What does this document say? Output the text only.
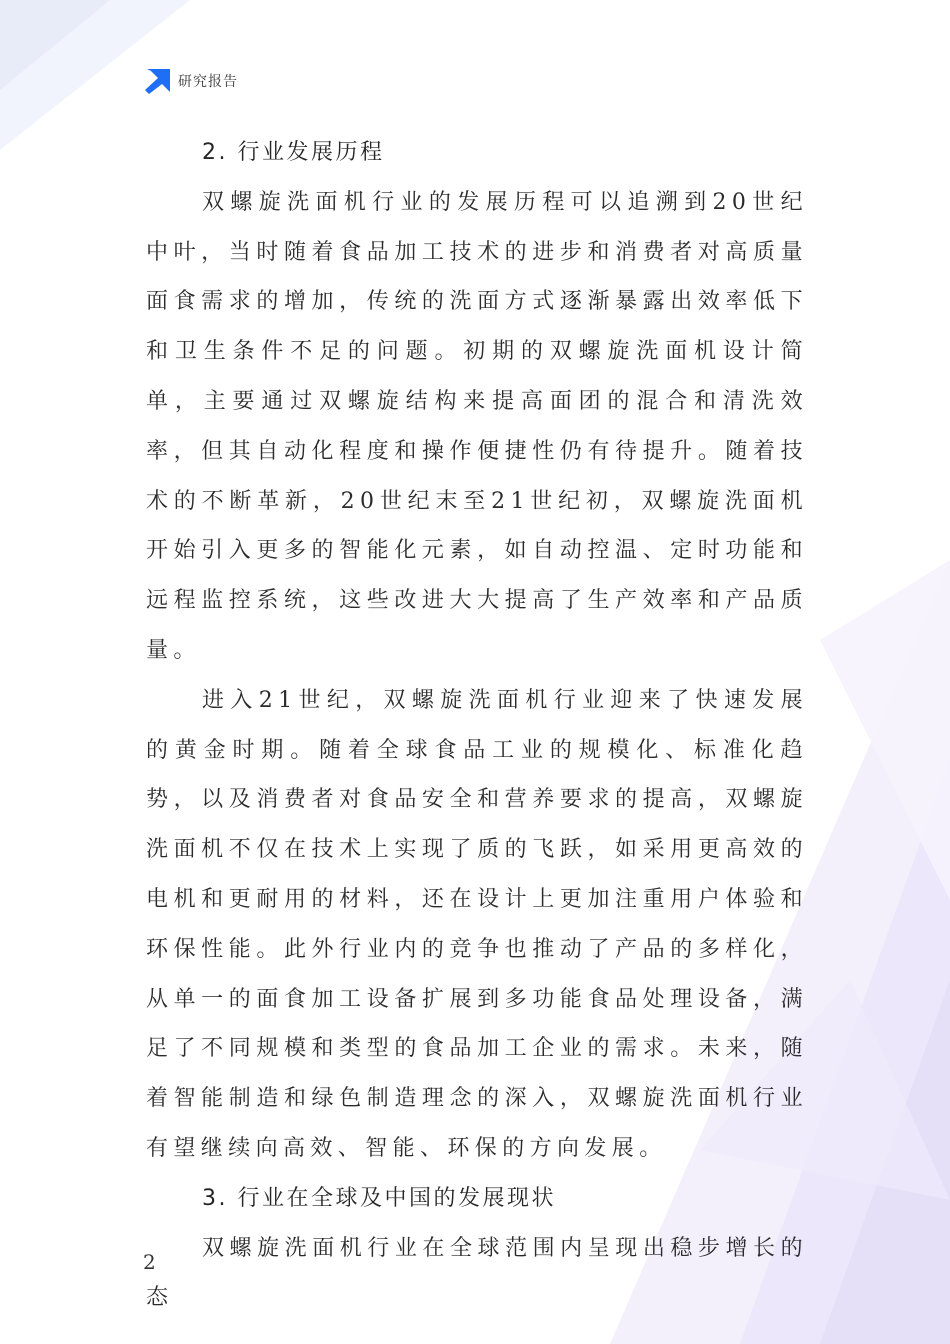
研究报告
2. 行业发展历程

双螺旋洗面机行业的发展历程可以追溯到20世纪中叶，当时随着食品加工技术的进步和消费者对高质量面食需求的增加，传统的洗面方式逐渐暴露出效率低下和卫生条件不足的问题。初期的双螺旋洗面机设计简单，主要通过双螺旋结构来提高面团的混合和清洗效率，但其自动化程度和操作便捷性仍有待提升。随着技术的不断革新，20世纪末至21世纪初，双螺旋洗面机开始引入更多的智能化元素，如自动控温、定时功能和远程监控系统，这些改进大大提高了生产效率和产品质量。

进入21世纪，双螺旋洗面机行业迎来了快速发展的黄金时期。随着全球食品工业的规模化、标准化趋势，以及消费者对食品安全和营养要求的提高，双螺旋洗面机不仅在技术上实现了质的飞跃，如采用更高效的电机和更耐用的材料，还在设计上更加注重用户体验和环保性能。此外行业内的竞争也推动了产品的多样化，从单一的面食加工设备扩展到多功能食品处理设备，满足了不同规模和类型的食品加工企业的需求。未来，随着智能制造和绿色制造理念的深入，双螺旋洗面机行业有望继续向高效、智能、环保的方向发展。

3. 行业在全球及中国的发展现状

双螺旋洗面机行业在全球范围内呈现出稳步增长的态

2
